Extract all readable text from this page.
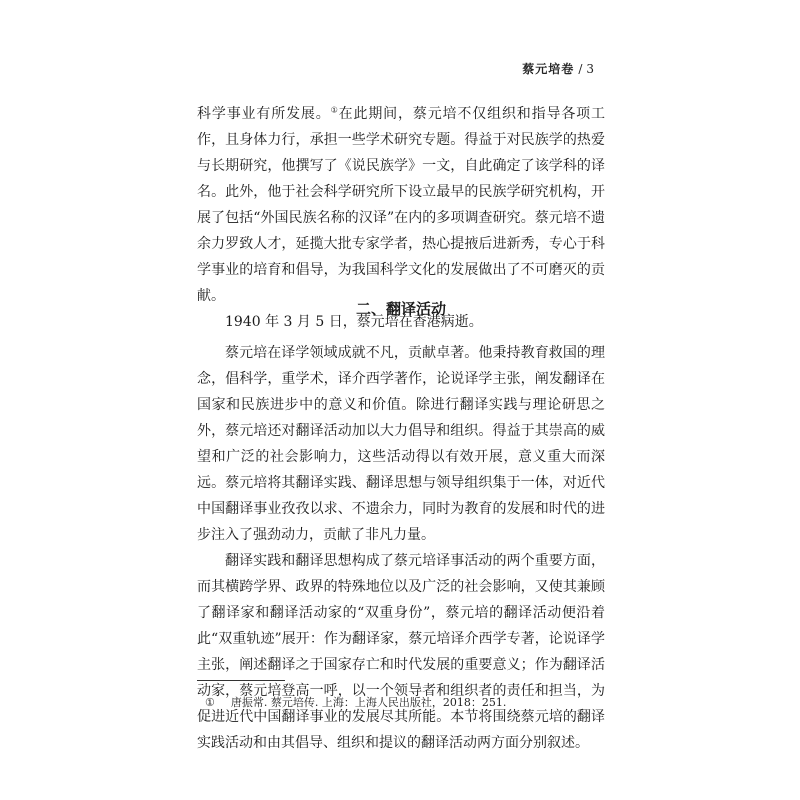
蔡元培卷 / 3

科学事业有所发展。①在此期间，蔡元培不仅组织和指导各项工作，且身体力行，承担一些学术研究专题。得益于对民族学的热爱与长期研究，他撰写了《说民族学》一文，自此确定了该学科的译名。此外，他于社会科学研究所下设立最早的民族学研究机构，开展了包括“外国民族名称的汉译”在内的多项调查研究。蔡元培不遗余力罗致人才，延揽大批专家学者，热心提掖后进新秀，专心于科学事业的培育和倡导，为我国科学文化的发展做出了不可磨灭的贡献。

1940 年 3 月 5 日，蔡元培在香港病逝。

二、翻译活动

蔡元培在译学领域成就不凡，贡献卓著。他秉持教育救国的理念，倡科学，重学术，译介西学著作，论说译学主张，阐发翻译在国家和民族进步中的意义和价值。除进行翻译实践与理论研思之外，蔡元培还对翻译活动加以大力倡导和组织。得益于其崇高的威望和广泛的社会影响力，这些活动得以有效开展，意义重大而深远。蔡元培将其翻译实践、翻译思想与领导组织集于一体，对近代中国翻译事业孜孜以求、不遗余力，同时为教育的发展和时代的进步注入了强劲动力，贡献了非凡力量。

翻译实践和翻译思想构成了蔡元培译事活动的两个重要方面，而其横跨学界、政界的特殊地位以及广泛的社会影响，又使其兼顾了翻译家和翻译活动家的“双重身份”，蔡元培的翻译活动便沿着此“双重轨迹”展开：作为翻译家，蔡元培译介西学专著，论说译学主张，阐述翻译之于国家存亡和时代发展的重要意义；作为翻译活动家，蔡元培登高一呼，以一个领导者和组织者的责任和担当，为促进近代中国翻译事业的发展尽其所能。本节将围绕蔡元培的翻译实践活动和由其倡导、组织和提议的翻译活动两方面分别叙述。

① 唐振常. 蔡元培传. 上海：上海人民出版社，2018：251.
